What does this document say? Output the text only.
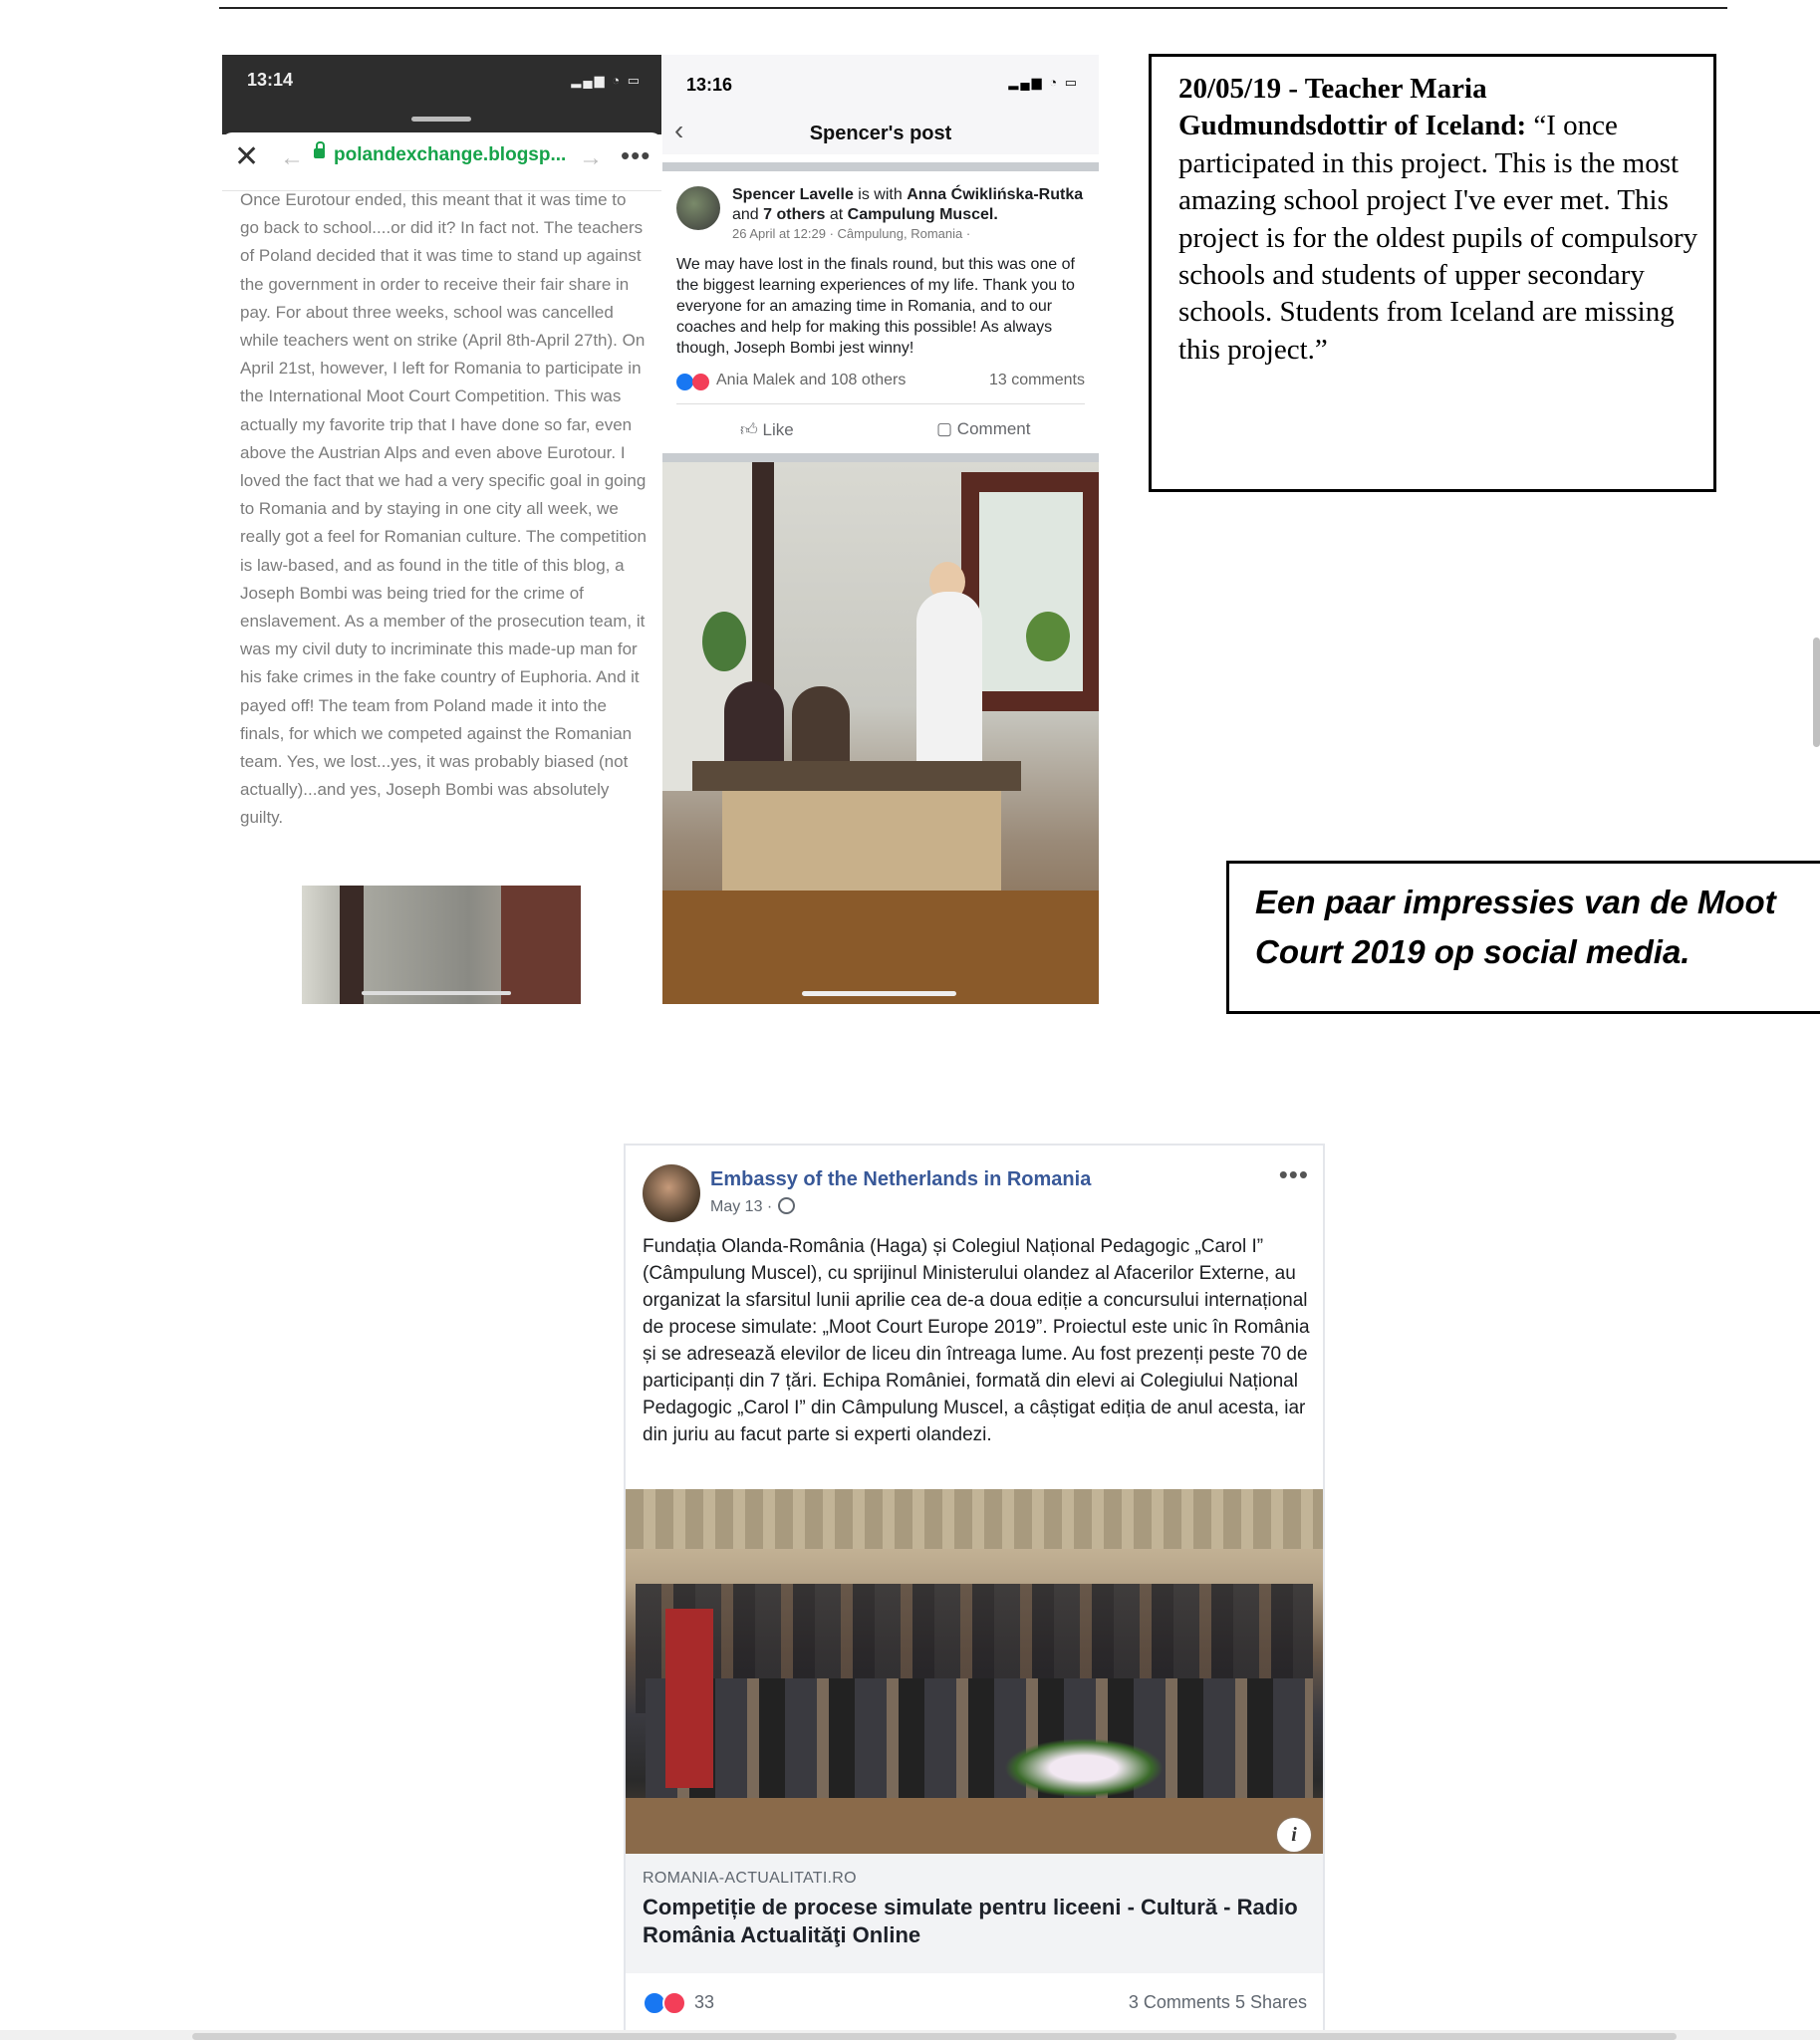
13:14	▂▄▆ ◔ ▭
✕ ← polandexchange.blogsp... → •••
Once Eurotour ended, this meant that it was time to go back to school....or did it? In fact not. The teachers of Poland decided that it was time to stand up against the government in order to receive their fair share in pay. For about three weeks, school was cancelled while teachers went on strike (April 8th-April 27th). On April 21st, however, I left for Romania to participate in the International Moot Court Competition. This was actually my favorite trip that I have done so far, even above the Austrian Alps and even above Eurotour. I loved the fact that we had a very specific goal in going to Romania and by staying in one city all week, we really got a feel for Romanian culture. The competition is law-based, and as found in the title of this blog, a Joseph Bombi was being tried for the crime of enslavement. As a member of the prosecution team, it was my civil duty to incriminate this made-up man for his fake crimes in the fake country of Euphoria. And it payed off! The team from Poland made it into the finals, for which we competed against the Romanian team. Yes, we lost...yes, it was probably biased (not actually)...and yes, Joseph Bombi was absolutely guilty.
13:16	▂▄▆ ◔ ▭
‹	Spencer's post
Spencer Lavelle is with Anna Ćwiklińska-Rutka and 7 others at Campulung Muscel.
26 April at 12:29 · Câmpulung, Romania ·
We may have lost in the finals round, but this was one of the biggest learning experiences of my life. Thank you to everyone for an amazing time in Romania, and to our coaches and help for making this possible! As always though, Joseph Bombi jest winny!
Ania Malek and 108 others	13 comments
👍︎ Like	▢ Comment
20/05/19 - Teacher Maria Gudmundsdottir of Iceland: “I once participated in this project. This is the most amazing school project I've ever met. This project is for the oldest pupils of compulsory schools and students of upper secondary schools. Students from Iceland are missing this project.”
Een paar impressies van de Moot Court 2019 op social media.
Embassy of the Netherlands in Romania
May 13 ·
•••
Fundația Olanda-România (Haga) și Colegiul Național Pedagogic „Carol I” (Câmpulung Muscel), cu sprijinul Ministerului olandez al Afacerilor Externe, au organizat la sfarsitul lunii aprilie cea de-a doua ediție a concursului internațional de procese simulate: „Moot Court Europe 2019”. Proiectul este unic în România și se adresează elevilor de liceu din întreaga lume. Au fost prezenți peste 70 de participanți din 7 țări. Echipa României, formată din elevi ai Colegiului Național Pedagogic „Carol I” din Câmpulung Muscel, a câștigat ediția de anul acesta, iar din juriu au facut parte si experti olandezi.
i
ROMANIA-ACTUALITATI.RO
Competiție de procese simulate pentru liceeni - Cultură - Radio România Actualităţi Online
33	3 Comments 5 Shares
